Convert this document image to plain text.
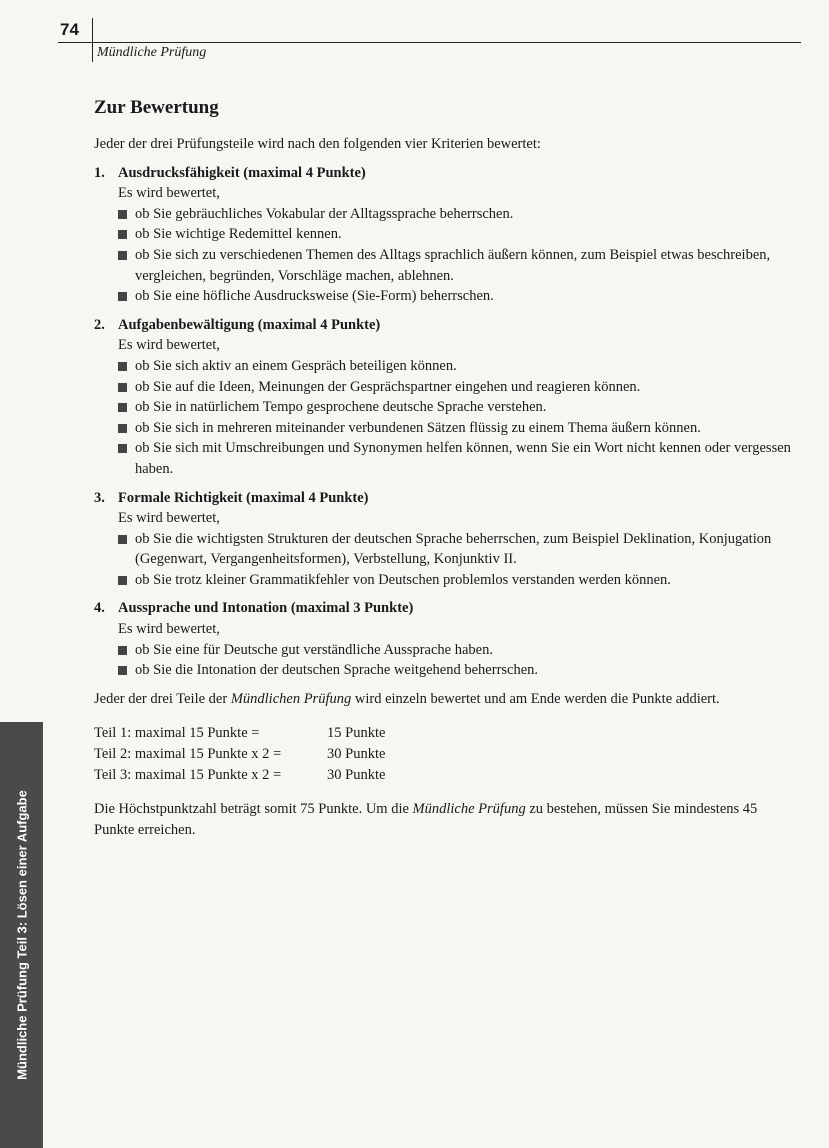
74
Mündliche Prüfung
Mündliche Prüfung Teil 3: Lösen einer Aufgabe
Zur Bewertung

Jeder der drei Prüfungsteile wird nach den folgenden vier Kriterien bewertet:

1. Ausdrucksfähigkeit (maximal 4 Punkte)
Es wird bewertet,
ob Sie gebräuchliches Vokabular der Alltagssprache beherrschen.
ob Sie wichtige Redemittel kennen.
ob Sie sich zu verschiedenen Themen des Alltags sprachlich äußern können, zum Beispiel etwas beschreiben, vergleichen, begründen, Vorschläge machen, ablehnen.
ob Sie eine höfliche Ausdrucksweise (Sie-Form) beherrschen.
2. Aufgabenbewältigung (maximal 4 Punkte)
Es wird bewertet,
ob Sie sich aktiv an einem Gespräch beteiligen können.
ob Sie auf die Ideen, Meinungen der Gesprächspartner eingehen und reagieren können.
ob Sie in natürlichem Tempo gesprochene deutsche Sprache verstehen.
ob Sie sich in mehreren miteinander verbundenen Sätzen flüssig zu einem Thema äußern können.
ob Sie sich mit Umschreibungen und Synonymen helfen können, wenn Sie ein Wort nicht kennen oder vergessen haben.
3. Formale Richtigkeit (maximal 4 Punkte)
Es wird bewertet,
ob Sie die wichtigsten Strukturen der deutschen Sprache beherrschen, zum Beispiel Deklination, Konjugation (Gegenwart, Vergangenheitsformen), Verbstellung, Konjunktiv II.
ob Sie trotz kleiner Grammatikfehler von Deutschen problemlos verstanden werden können.
4. Aussprache und Intonation (maximal 3 Punkte)
Es wird bewertet,
ob Sie eine für Deutsche gut verständliche Aussprache haben.
ob Sie die Intonation der deutschen Sprache weitgehend beherrschen.

Jeder der drei Teile der Mündlichen Prüfung wird einzeln bewertet und am Ende werden die Punkte addiert.

Teil 1: maximal 15 Punkte =	15 Punkte
Teil 2: maximal 15 Punkte x 2 =	30 Punkte
Teil 3: maximal 15 Punkte x 2 =	30 Punkte

Die Höchstpunktzahl beträgt somit 75 Punkte. Um die Mündliche Prüfung zu bestehen, müssen Sie mindestens 45 Punkte erreichen.
